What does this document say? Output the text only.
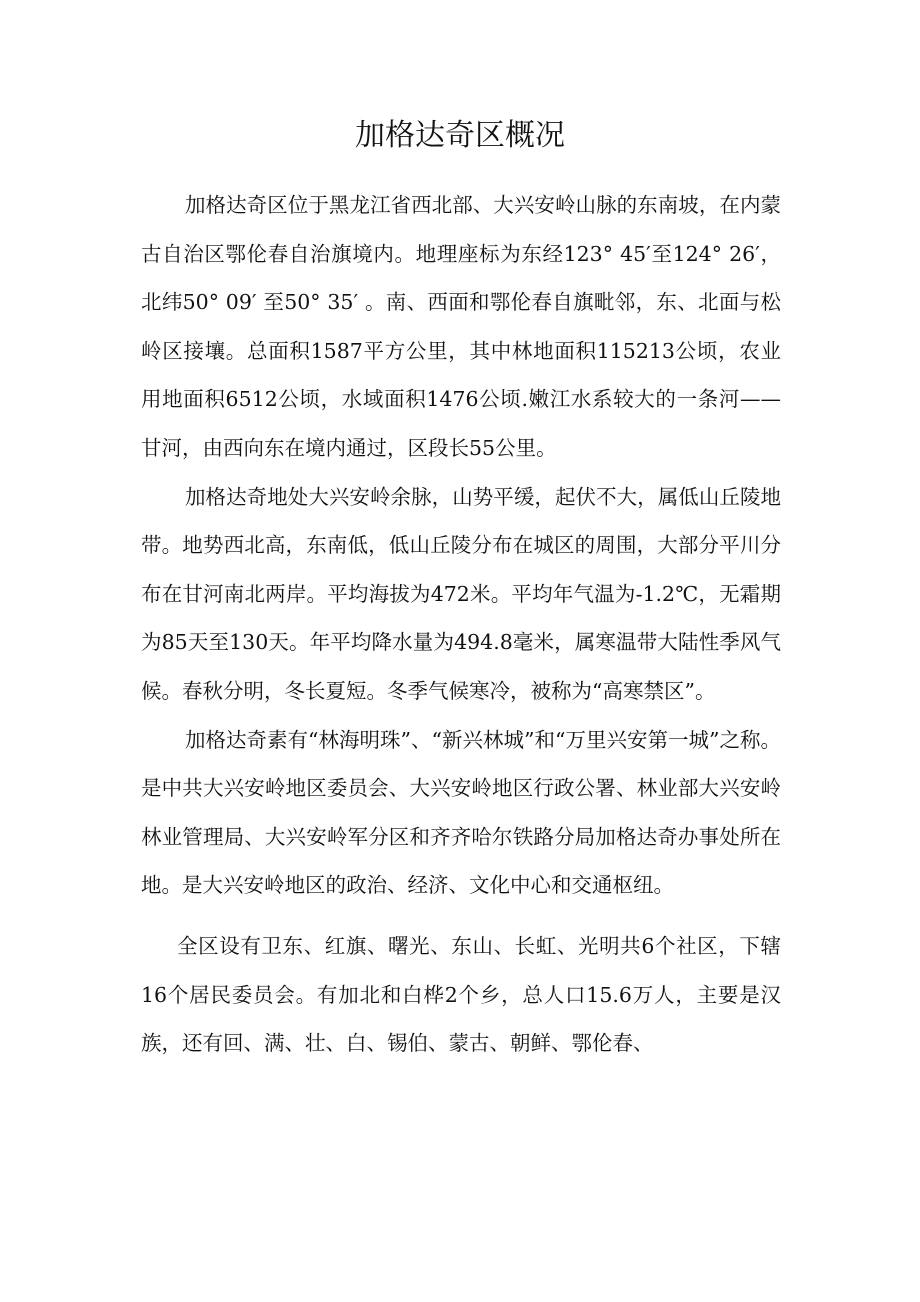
加格达奇区概况

加格达奇区位于黑龙江省西北部、大兴安岭山脉的东南坡，在内蒙古自治区鄂伦春自治旗境内。地理座标为东经123° 45′至124° 26′，北纬50° 09′ 至50° 35′ 。南、西面和鄂伦春自旗毗邻，东、北面与松岭区接壤。总面积1587平方公里，其中林地面积115213公顷，农业用地面积6512公顷，水域面积1476公顷.嫩江水系较大的一条河——甘河，由西向东在境内通过，区段长55公里。

加格达奇地处大兴安岭余脉，山势平缓，起伏不大，属低山丘陵地带。地势西北高，东南低，低山丘陵分布在城区的周围，大部分平川分布在甘河南北两岸。平均海拔为472米。平均年气温为-1.2℃，无霜期为85天至130天。年平均降水量为494.8毫米，属寒温带大陆性季风气候。春秋分明，冬长夏短。冬季气候寒冷，被称为“高寒禁区”。

加格达奇素有“林海明珠”、“新兴林城”和“万里兴安第一城”之称。是中共大兴安岭地区委员会、大兴安岭地区行政公署、林业部大兴安岭林业管理局、大兴安岭军分区和齐齐哈尔铁路分局加格达奇办事处所在地。是大兴安岭地区的政治、经济、文化中心和交通枢纽。

全区设有卫东、红旗、曙光、东山、长虹、光明共6个社区，下辖16个居民委员会。有加北和白桦2个乡，总人口15.6万人，主要是汉族，还有回、满、壮、白、锡伯、蒙古、朝鲜、鄂伦春、
